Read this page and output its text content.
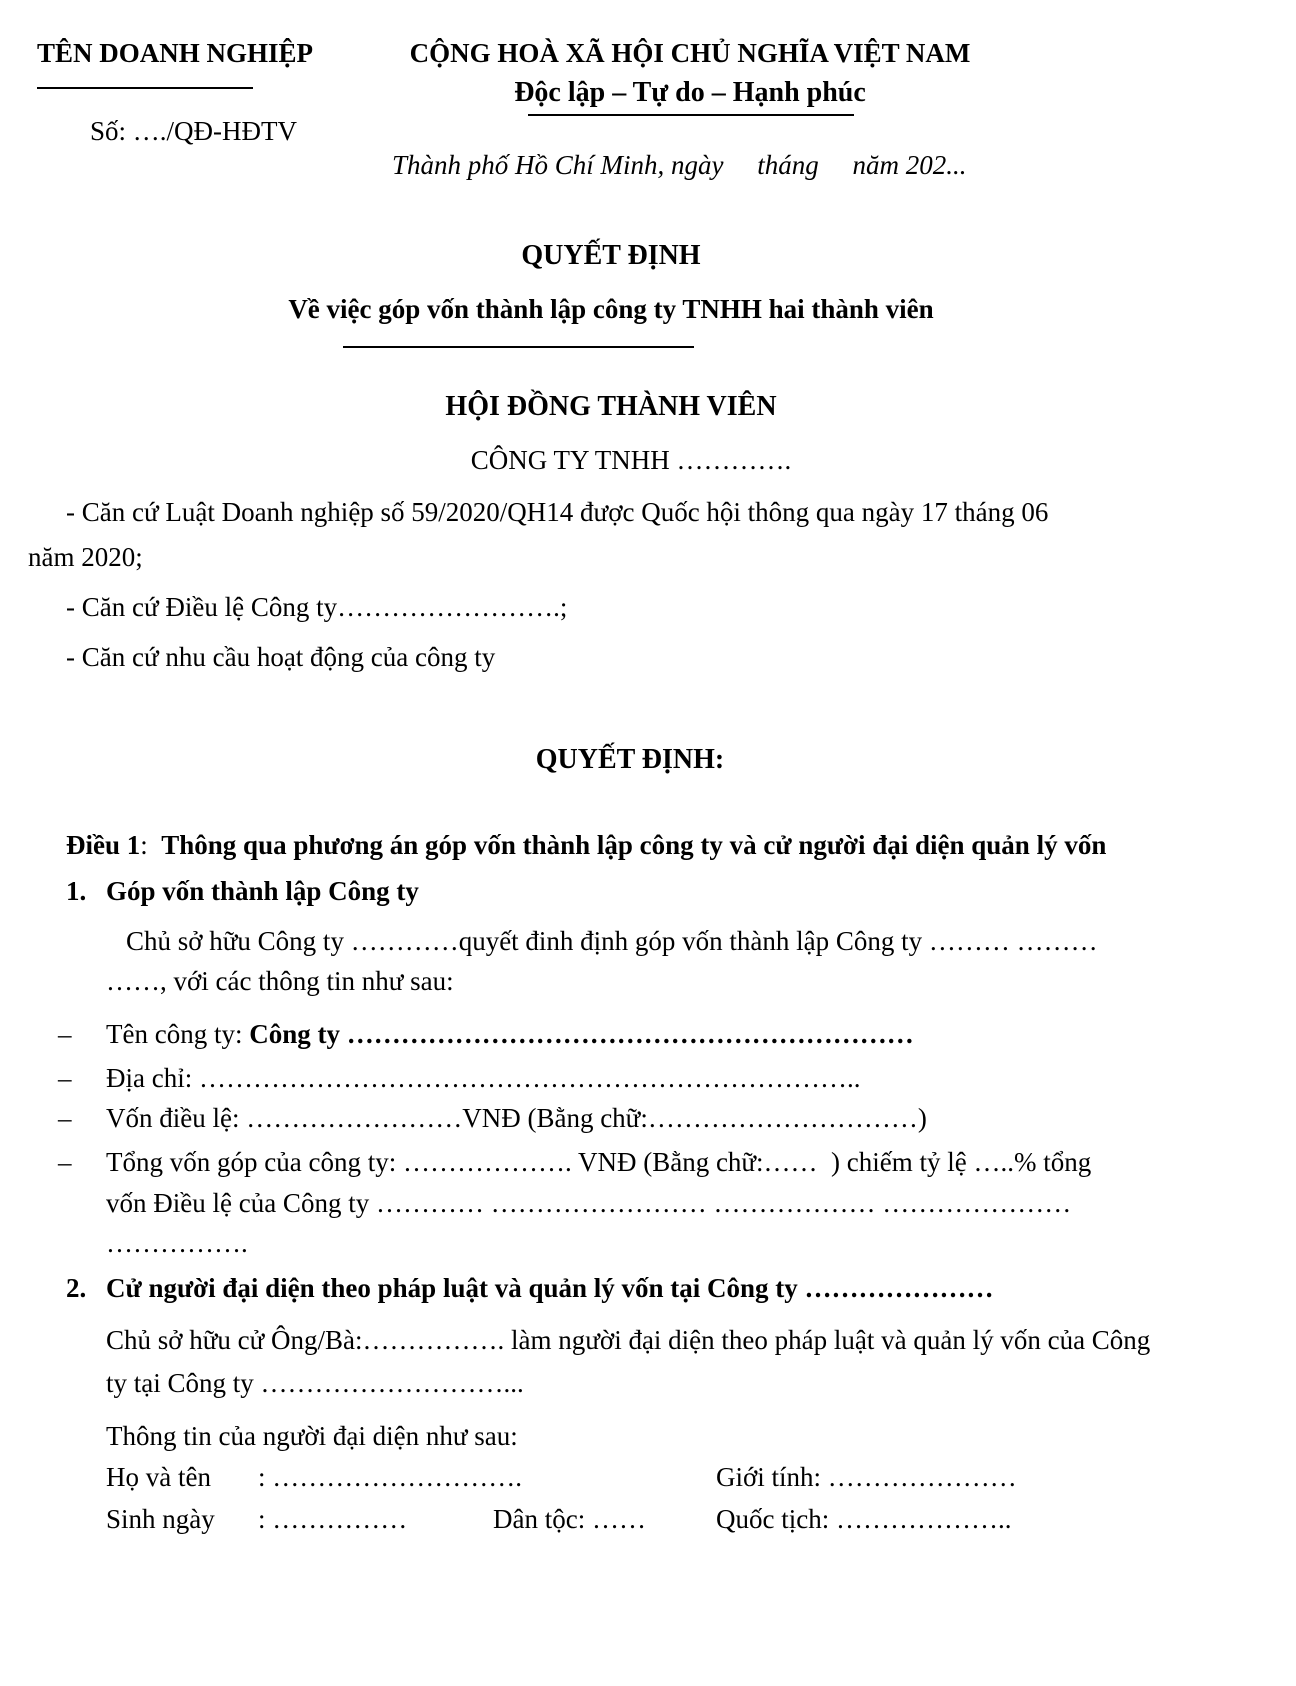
TÊN DOANH NGHIỆP
Số: …./QĐ-HĐTV
CỘNG HOÀ XÃ HỘI CHỦ NGHĨA VIỆT NAM
Độc lập – Tự do – Hạnh phúc
Thành phố Hồ Chí Minh, ngày     tháng     năm 202...
QUYẾT ĐỊNH
Về việc góp vốn thành lập công ty TNHH hai thành viên
HỘI ĐỒNG THÀNH VIÊN
CÔNG TY TNHH ………….
- Căn cứ Luật Doanh nghiệp số 59/2020/QH14 được Quốc hội thông qua ngày 17 tháng 06
năm 2020;
- Căn cứ Điều lệ Công ty…………………….;
- Căn cứ nhu cầu hoạt động của công ty
QUYẾT ĐỊNH:
Điều 1: Thông qua phương án góp vốn thành lập công ty và cử người đại diện quản lý vốn
1. Góp vốn thành lập Công ty
Chủ sở hữu Công ty …………quyết đinh định góp vốn thành lập Công ty ……… ………
……, với các thông tin như sau:
– Tên công ty: Công ty ………………………………………………………
– Địa chỉ: ………………………………………………………………..
– Vốn điều lệ: ……………………VNĐ (Bằng chữ:…………………………)
– Tổng vốn góp của công ty: ………………. VNĐ (Bằng chữ:……  ) chiếm tỷ lệ …..% tổng
vốn Điều lệ của Công ty ………… …………………… ……………… …………………
…………….
2. Cử người đại diện theo pháp luật và quản lý vốn tại Công ty …………………
Chủ sở hữu cử Ông/Bà:……………. làm người đại diện theo pháp luật và quản lý vốn của Công
ty tại Công ty ………………………...
Thông tin của người đại diện như sau:
Họ và tên : ……………………….	Giới tính: …………………
Sinh ngày : ……………	Dân tộc: ……	Quốc tịch: ………………..
